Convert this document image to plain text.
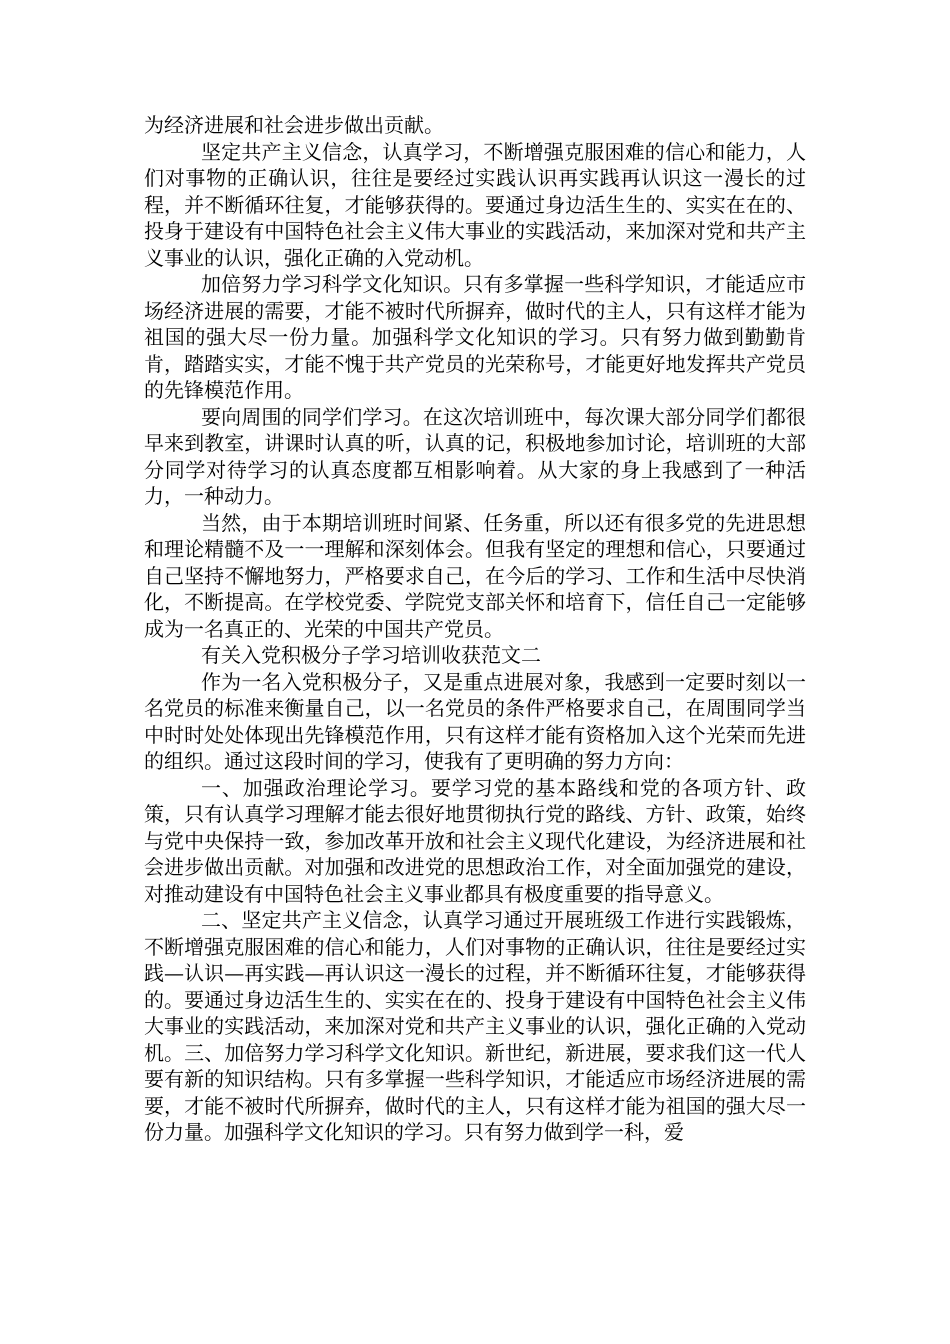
为经济进展和社会进步做出贡献。

坚定共产主义信念，认真学习，不断增强克服困难的信心和能力，人们对事物的正确认识，往往是要经过实践认识再实践再认识这一漫长的过程，并不断循环往复，才能够获得的。要通过身边活生生的、实实在在的、投身于建设有中国特色社会主义伟大事业的实践活动，来加深对党和共产主义事业的认识，强化正确的入党动机。

加倍努力学习科学文化知识。只有多掌握一些科学知识，才能适应市场经济进展的需要，才能不被时代所摒弃，做时代的主人，只有这样才能为祖国的强大尽一份力量。加强科学文化知识的学习。只有努力做到勤勤肯肯，踏踏实实，才能不愧于共产党员的光荣称号，才能更好地发挥共产党员的先锋模范作用。

要向周围的同学们学习。在这次培训班中，每次课大部分同学们都很早来到教室，讲课时认真的听，认真的记，积极地参加讨论，培训班的大部分同学对待学习的认真态度都互相影响着。从大家的身上我感到了一种活力，一种动力。

当然，由于本期培训班时间紧、任务重，所以还有很多党的先进思想和理论精髓不及一一理解和深刻体会。但我有坚定的理想和信心，只要通过自己坚持不懈地努力，严格要求自己，在今后的学习、工作和生活中尽快消化，不断提高。在学校党委、学院党支部关怀和培育下，信任自己一定能够成为一名真正的、光荣的中国共产党员。

有关入党积极分子学习培训收获范文二

作为一名入党积极分子，又是重点进展对象，我感到一定要时刻以一名党员的标准来衡量自己，以一名党员的条件严格要求自己，在周围同学当中时时处处体现出先锋模范作用，只有这样才能有资格加入这个光荣而先进的组织。通过这段时间的学习，使我有了更明确的努力方向：

一、加强政治理论学习。要学习党的基本路线和党的各项方针、政策，只有认真学习理解才能去很好地贯彻执行党的路线、方针、政策，始终与党中央保持一致，参加改革开放和社会主义现代化建设，为经济进展和社会进步做出贡献。对加强和改进党的思想政治工作，对全面加强党的建设，对推动建设有中国特色社会主义事业都具有极度重要的指导意义。

二、坚定共产主义信念，认真学习通过开展班级工作进行实践锻炼，不断增强克服困难的信心和能力，人们对事物的正确认识，往往是要经过实践—认识—再实践—再认识这一漫长的过程，并不断循环往复，才能够获得的。要通过身边活生生的、实实在在的、投身于建设有中国特色社会主义伟大事业的实践活动，来加深对党和共产主义事业的认识，强化正确的入党动机。三、加倍努力学习科学文化知识。新世纪，新进展，要求我们这一代人要有新的知识结构。只有多掌握一些科学知识，才能适应市场经济进展的需要，才能不被时代所摒弃，做时代的主人，只有这样才能为祖国的强大尽一份力量。加强科学文化知识的学习。只有努力做到学一科，爱
